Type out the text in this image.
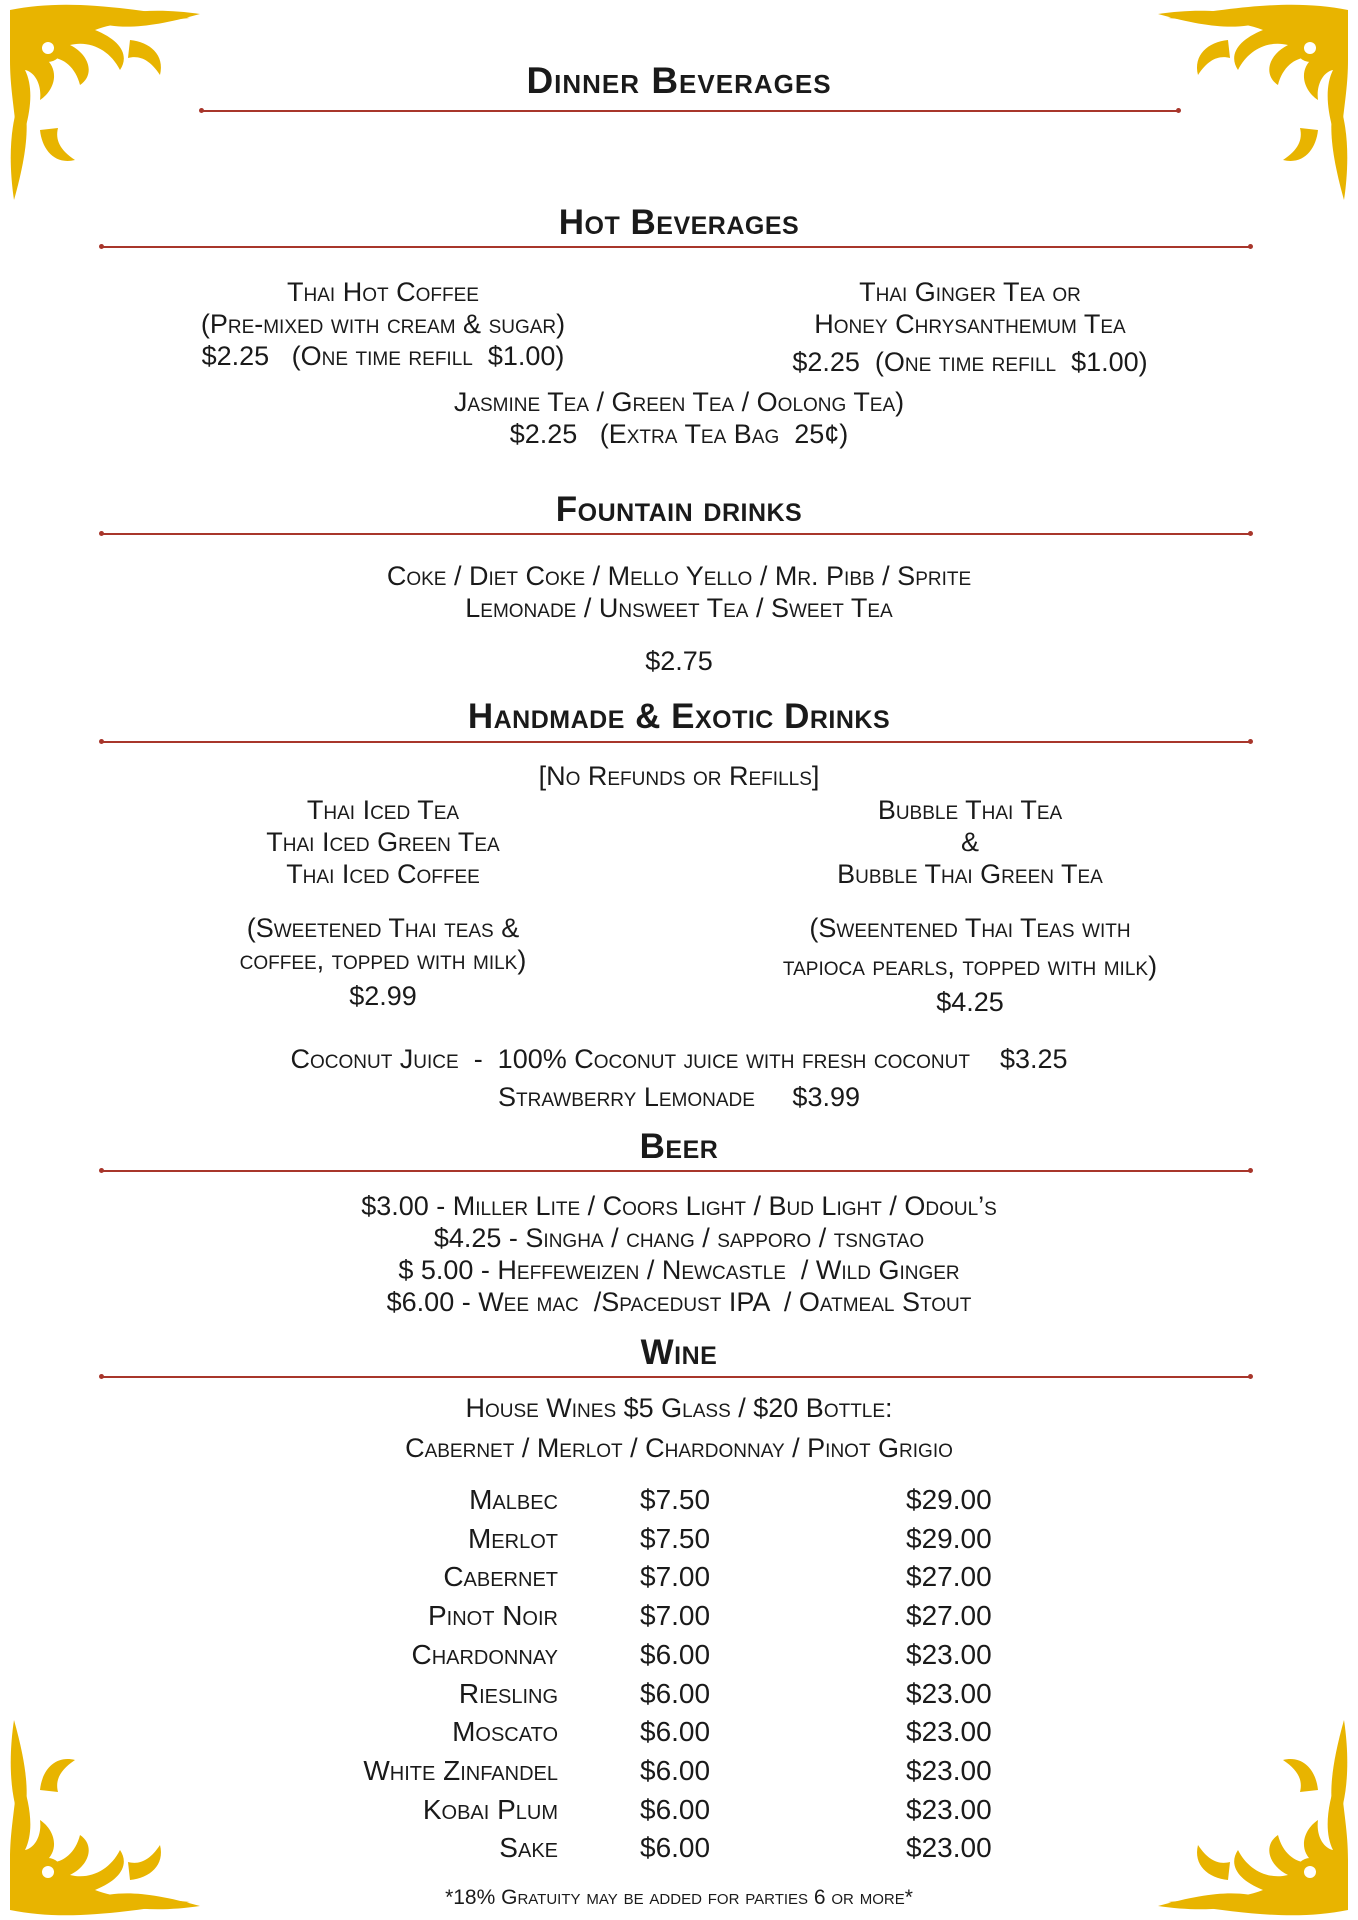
Dinner Beverages
Hot Beverages
Thai Hot Coffee
(Pre-mixed with cream & sugar)
$2.25   (One time refill  $1.00)
Thai Ginger Tea or
Honey Chrysanthemum Tea
$2.25  (One time refill  $1.00)
Jasmine Tea / Green Tea / Oolong Tea)
$2.25   (Extra Tea Bag  25¢)
Fountain drinks
Coke / Diet Coke / Mello Yello / Mr. Pibb / Sprite
Lemonade / Unsweet Tea / Sweet Tea
$2.75
Handmade & Exotic Drinks
[No Refunds or Refills]
Thai Iced Tea
Thai Iced Green Tea
Thai Iced Coffee
(Sweetened Thai teas &
coffee, topped with milk)
$2.99
Bubble Thai Tea
&
Bubble Thai Green Tea
(Sweentened Thai Teas with
tapioca pearls, topped with milk)
$4.25
Coconut Juice  -  100% Coconut juice with fresh coconut    $3.25
Strawberry Lemonade     $3.99
Beer
$3.00 - Miller Lite / Coors Light / Bud Light / Odoul’s
$4.25 - Singha / chang / sapporo / tsngtao
$ 5.00 - Heffeweizen / Newcastle  / Wild Ginger
$6.00 - Wee mac  /Spacedust IPA  / Oatmeal Stout
Wine
House Wines $5 Glass / $20 Bottle:
Cabernet / Merlot / Chardonnay / Pinot Grigio
Malbec	$7.50	$29.00
Merlot	$7.50	$29.00
Cabernet	$7.00	$27.00
Pinot Noir	$7.00	$27.00
Chardonnay	$6.00	$23.00
Riesling	$6.00	$23.00
Moscato	$6.00	$23.00
White Zinfandel	$6.00	$23.00
Kobai Plum	$6.00	$23.00
Sake	$6.00	$23.00
*18% Gratuity may be added for parties 6 or more*
